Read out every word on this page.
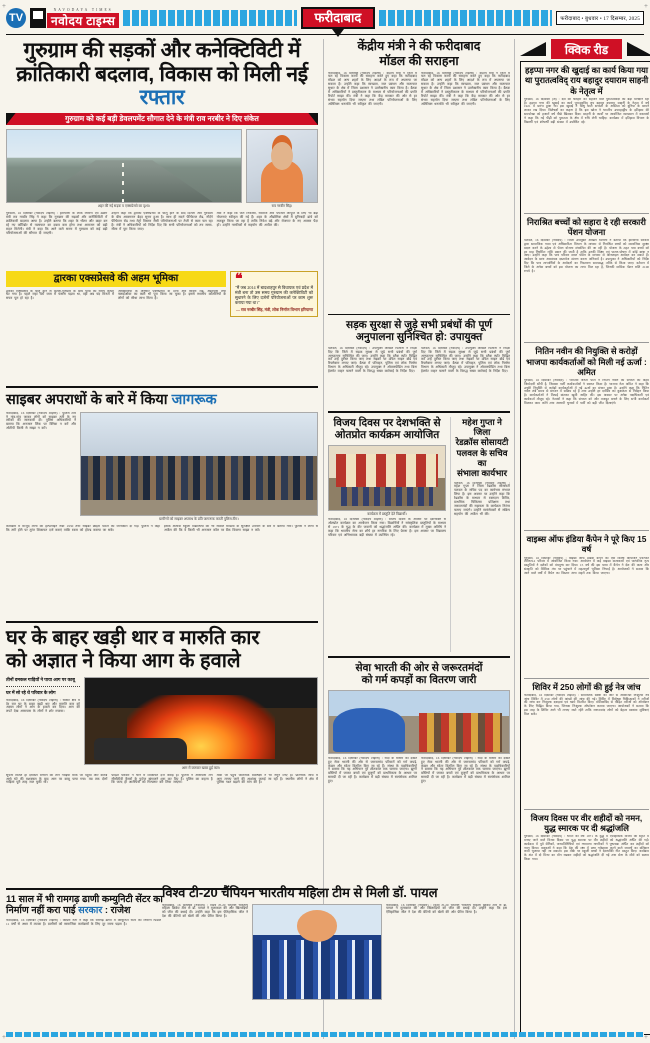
TV
NAVODAYA TIMES
नवोदय टाइम्स	फरीदाबाद	फरीदाबाद • बुधवार • 17 दिसम्बर, 2025
गुरुग्राम की सड़कों और कनेक्टिविटी में
क्रांतिकारी बदलाव, विकास को मिली नई रफ्तार
गुरुग्राम को कई बड़ी डेवलपमेंट सौगात देने के मंत्री राव नरबीर ने दिए संकेत
शहर की नई सड़क व एक्सप्रेसवे का दृश्य।	राव नरबीर सिंह।
गुरुग्राम, 16 दिसम्बर (नवोदय टाइम्स) : हरियाणा के लोक निर्माण एवं उद्योग मंत्री राव नरबीर सिंह ने कहा कि गुरुग्राम की सड़कों और कनेक्टिविटी में क्रांतिकारी बदलाव आया है। उन्होंने बताया कि शहर के भीतर और बाहर बन रहे नए कॉरिडोर से यातायात का दबाव कम होगा तथा आमजन को बड़ी राहत मिलेगी। मंत्री ने कहा कि आने वाले समय में गुरुग्राम को कई बड़ी परियोजनाओं की सौगात दी जाएगी।
उन्होंने कहा कि द्वारका एक्सप्रेसवे के चालू होने के बाद दिल्ली और गुरुग्राम के बीच आवागमन बेहद सुगम हुआ है। साथ ही सदर्न पेरिफेरल रोड, नॉर्दर्न पेरिफेरल रोड तथा मेट्रो विस्तार जैसी परियोजनाओं पर तेजी से काम चल रहा है। मंत्री ने अधिकारियों को निर्देश दिए कि सभी परियोजनाओं को तय समय-सीमा में पूरा किया जाए।
मंत्री ने कहा कि जल निकासी, सीवरेज और पेयजल आपूर्ति के लिए भी बड़ी योजनाएं स्वीकृत की गई हैं। शहर के औद्योगिक क्षेत्रों में बुनियादी ढांचे को मजबूत किया जा रहा है ताकि निवेश बढ़े और रोजगार के नए अवसर पैदा हों। उन्होंने नागरिकों से सहयोग की अपील की।
द्वारका एक्सप्रेसवे की अहम भूमिका
द्वारका एक्सप्रेसवे के चालू होने से दिल्ली-गुरुग्राम के बीच यात्रा का समय काफी घट गया है। पहले जहां घंटों जाम में फंसना पड़ता था, वहीं अब चंद मिनटों में सफर पूरा हो रहा है।
अधिकारियों के अनुसार एक्सप्रेसवे के दोनों ओर सर्विस रोड, अंडरपास तथा फ्लाईओवर का काम भी पूरा किया जा चुका है। इससे स्थानीय कॉलोनियों के लोगों को सीधा लाभ मिला है।
❝
"मैं जब 2014 में बादशाहपुर से विधायक एवं प्रदेश में मंत्री बना तो उस समय गुरुग्राम की कनेक्टिविटी को सुधारने के लिए दर्जनों परियोजनाओं पर काम शुरू कराया गया था।"
— राव नरबीर सिंह, मंत्री, लोक निर्माण विभाग हरियाणा
साइबर अपराधों के बारे में किया जागरूक
फरीदाबाद, 16 दिसम्बर (नवोदय टाइम्स) : पुलिस टीम ने गांव-गांव जाकर लोगों को साइबर ठगी के नए तरीकों की जानकारी दी। पुलिस अधिकारियों ने बताया कि अनजान लिंक पर क्लिक न करें और ओटीपी किसी से साझा न करें।
ग्रामीणों को साइबर अपराध के प्रति जागरूक करती पुलिस टीम।
कार्यक्रम में मौजूद लोगों को हेल्पलाइन नंबर 1930 तथा साइबर क्राइम पोर्टल की जानकारी दी गई। पुलिस ने कहा कि ठगी होने पर तुरंत शिकायत दर्ज कराएं ताकि रकम को होल्ड कराया जा सके।
इसके अलावा स्कूली विद्यार्थियों को भी सोशल मीडिया के सुरक्षित उपयोग के बारे में बताया गया। पुलिस ने लोगों से अपील की कि वे किसी भी अनजान कॉल पर बैंक विवरण साझा न करें।
घर के बाहर खड़ी थार व मारुति कार
को अज्ञात ने किया आग के हवाले
तीनों दमकल गाड़ियों ने पाया आग पर काबू
घर में सो रहे थे परिवार के लोग
फरीदाबाद, 16 दिसम्बर (नवोदय टाइम्स) : सेक्टर क्षेत्र में देर रात घर के बाहर खड़ी थार और मारुति कार को अज्ञात लोगों ने आग के हवाले कर दिया। आग की लपटें देख आसपास के लोगों ने शोर मचाया।
आग में जलकर खाक हुई कार।
सूचना मिलते ही दमकल विभाग की तीन गाड़ियां मौके पर पहुंचीं और करीब आधे घंटे की मशक्कत के बाद आग पर काबू पाया गया। तब तक दोनों गाड़ियां पूरी तरह जल चुकी थीं।
पीड़ित परिवार ने थाने में शिकायत दर्ज कराई है। पुलिस ने आसपास लगे सीसीटीवी कैमरों के फुटेज खंगालने शुरू कर दिए हैं। पुलिस का कहना है कि जल्द ही आरोपियों को गिरफ्तार कर लिया जाएगा।
मौके पर पहुंचे फॉरेंसिक विशेषज्ञों ने भी नमूने लिए हैं। प्रारंभिक जांच में आग लगाए जाने की आशंका जताई जा रही है। स्थानीय लोगों ने क्षेत्र में पुलिस गश्त बढ़ाने की मांग की है।
11 साल में भी रामगढ़ ढाणी कम्युनिटी सेंटर का निर्माण नहीं करा पाई सरकार : राजेश
फरीदाबाद, 16 दिसम्बर (नवोदय टाइम्स) : कांग्रेस नेता ने कहा कि रामगढ़ ढाणी में कम्युनिटी सेंटर का निर्माण पिछले 11 वर्षों से अधर में लटका है। ग्रामीणों को सामाजिक कार्यक्रमों के लिए दूर जाना पड़ता है।
केंद्रीय मंत्री ने की फरीदाबाद
मॉडल की सराहना
फरीदाबाद, 16 दिसम्बर (नवोदय टाइम्स) : केंद्रीय मंत्री ने जिले में चल रहे विकास कार्यों की सराहना करते हुए कहा कि फरीदाबाद मॉडल को अन्य शहरों के लिए आदर्श के रूप में अपनाया जा सकता है। उन्होंने कहा कि स्वच्छता, जल प्रबंधन और यातायात सुधार के क्षेत्र में जिला प्रशासन ने उल्लेखनीय काम किया है। बैठक में अधिकारियों ने प्रस्तुतीकरण के माध्यम से परियोजनाओं की प्रगति रिपोर्ट साझा की। मंत्री ने कहा कि केंद्र सरकार की ओर से हर संभव सहयोग दिया जाएगा तथा लंबित परियोजनाओं के लिए अतिरिक्त धनराशि भी स्वीकृत की जाएगी।
फरीदाबाद, 16 दिसम्बर (नवोदय टाइम्स) : केंद्रीय मंत्री ने जिले में चल रहे विकास कार्यों की सराहना करते हुए कहा कि फरीदाबाद मॉडल को अन्य शहरों के लिए आदर्श के रूप में अपनाया जा सकता है। उन्होंने कहा कि स्वच्छता, जल प्रबंधन और यातायात सुधार के क्षेत्र में जिला प्रशासन ने उल्लेखनीय काम किया है। बैठक में अधिकारियों ने प्रस्तुतीकरण के माध्यम से परियोजनाओं की प्रगति रिपोर्ट साझा की। मंत्री ने कहा कि केंद्र सरकार की ओर से हर संभव सहयोग दिया जाएगा तथा लंबित परियोजनाओं के लिए अतिरिक्त धनराशि भी स्वीकृत की जाएगी।
सड़क सुरक्षा से जुड़े सभी प्रबंधों की पूर्ण
अनुपालना सुनिश्चित हो: उपायुक्त
पलवल, 16 दिसम्बर (नवोदय) : उपायुक्त अखिल पिलानी ने निर्देश दिए कि जिले में सड़क सुरक्षा से जुड़े सभी प्रबंधों की पूर्ण अनुपालना सुनिश्चित की जाए। उन्होंने कहा कि ब्लैक स्पॉट चिह्नित कर उन्हें दुरुस्त किया जाए तथा सड़कों पर उचित साइन बोर्ड एवं रिफ्लेक्टर लगाए जाएं। बैठक में परिवहन, पुलिस एवं लोक निर्माण विभाग के अधिकारी मौजूद रहे। उपायुक्त ने ओवरस्पीडिंग तथा बिना हेलमेट वाहन चलाने वालों के विरुद्ध सख्त कार्रवाई के निर्देश दिए।
पलवल, 16 दिसम्बर (नवोदय) : उपायुक्त अखिल पिलानी ने निर्देश दिए कि जिले में सड़क सुरक्षा से जुड़े सभी प्रबंधों की पूर्ण अनुपालना सुनिश्चित की जाए। उन्होंने कहा कि ब्लैक स्पॉट चिह्नित कर उन्हें दुरुस्त किया जाए तथा सड़कों पर उचित साइन बोर्ड एवं रिफ्लेक्टर लगाए जाएं। बैठक में परिवहन, पुलिस एवं लोक निर्माण विभाग के अधिकारी मौजूद रहे। उपायुक्त ने ओवरस्पीडिंग तथा बिना हेलमेट वाहन चलाने वालों के विरुद्ध सख्त कार्रवाई के निर्देश दिए।
विजय दिवस पर देशभक्ति से
ओतप्रोत कार्यक्रम आयोजित
कार्यक्रम में प्रस्तुति देते विद्यार्थी।
फरीदाबाद, 16 दिसम्बर (नवोदय टाइम्स) : विजय दिवस के अवसर पर देशभक्ति से ओतप्रोत कार्यक्रम का आयोजन किया गया। विद्यार्थियों ने सांस्कृतिक प्रस्तुतियों के माध्यम से 1971 के युद्ध के वीर जवानों को श्रद्धांजलि अर्पित की। कार्यक्रम में मुख्य अतिथि ने कहा कि भारतीय सेना का शौर्य हर नागरिक के लिए प्रेरणा है। इस अवसर पर विद्यालय परिवार एवं अभिभावक बड़ी संख्या में उपस्थित रहे।
महेश गुप्ता ने जिला
रेडक्रॉस सोसायटी
पलवल के सचिव का
संभाला कार्यभार
पलवल, 16 दिसम्बर (नवोदय टाइम्स) : महेश गुप्ता ने जिला रेडक्रॉस सोसायटी पलवल के सचिव पद का कार्यभार संभाल लिया है। इस अवसर पर उन्होंने कहा कि रेडक्रॉस के माध्यम से रक्तदान शिविर, प्राथमिक चिकित्सा प्रशिक्षण तथा जरूरतमंदों की सहायता के कार्यक्रम निरंतर चलाए जाएंगे। उन्होंने स्वयंसेवकों से सक्रिय सहयोग की अपील भी की।
सेवा भारती की ओर से जरूरतमंदों
को गर्म कपड़ों का वितरण जारी
फरीदाबाद, 16 दिसम्बर (नवोदय टाइम्स) : सर्दी के मौसम को देखते हुए सेवा भारती की ओर से जरूरतमंद परिवारों को गर्म कपड़े, कंबल और स्वेटर वितरित किए जा रहे हैं। संस्था के पदाधिकारियों ने बताया कि यह अभियान पूरे शीतकाल तक चलाया जाएगा। झुग्गी बस्तियों में जाकर बच्चों एवं बुजुर्गों को प्राथमिकता के आधार पर सामग्री दी जा रही है। कार्यक्रम में बड़ी संख्या में स्वयंसेवक शामिल हुए।
फरीदाबाद, 16 दिसम्बर (नवोदय टाइम्स) : सर्दी के मौसम को देखते हुए सेवा भारती की ओर से जरूरतमंद परिवारों को गर्म कपड़े, कंबल और स्वेटर वितरित किए जा रहे हैं। संस्था के पदाधिकारियों ने बताया कि यह अभियान पूरे शीतकाल तक चलाया जाएगा। झुग्गी बस्तियों में जाकर बच्चों एवं बुजुर्गों को प्राथमिकता के आधार पर सामग्री दी जा रही है। कार्यक्रम में बड़ी संख्या में स्वयंसेवक शामिल हुए।
क्विक रीड
हड़प्पा नगर की खुदाई का कार्य किया गया था पुरातत्वविद् राय बहादुर दयाराम साहनी के नेतृत्व में
गुरुग्राम, 16 दिसम्बर (अ) : देश की धरोहरों को सहेजने वाले पुरातत्वविदों का बड़ा योगदान रहा है। हड़प्पा नगर की खुदाई का कार्य पुरातत्वविद् राय बहादुर दयाराम साहनी के नेतृत्व में वर्ष 1921 में प्रारंभ हुआ था। इस खुदाई ने सिंधु घाटी सभ्यता के अस्तित्व को दुनिया के सामने लाकर रख दिया। विशेषज्ञों का कहना है कि इस खोज ने भारतीय उपमहाद्वीप के इतिहास की समयरेखा को हजारों वर्ष पीछे खिसका दिया। साहनी के कार्यों पर आयोजित व्याख्यान में वक्ताओं ने कहा कि नई पीढ़ी को पुरातत्व के क्षेत्र में रुचि लेनी चाहिए। कार्यक्रम में इतिहास विभाग के विद्यार्थी एवं शोधार्थी बड़ी संख्या में उपस्थित रहे।
निराश्रित बच्चों को सहारा दे रही सरकारी पेंशन योजना
पलवल, 16 दिसम्बर (नवोदय) : जिला उपायुक्त अखिल पिलानी ने बताया कि हरियाणा सरकार द्वारा सामाजिक न्याय एवं अधिकारिता विभाग के माध्यम से निराश्रित बच्चों को सामाजिक सुरक्षा प्रदान करने के उद्देश्य से पेंशन योजना संचालित की जा रही है। योजना के तहत पात्र बच्चों को हर माह निर्धारित राशि प्रदान की जाती है ताकि उनकी शिक्षा एवं पालन-पोषण में कोई बाधा न आए। उन्होंने कहा कि पात्र परिवार सरल पोर्टल के माध्यम से ऑनलाइन आवेदन कर सकते हैं। आवेदन के साथ आवश्यक दस्तावेज संलग्न करना अनिवार्य है। उपायुक्त ने अधिकारियों को निर्देश दिए कि पात्र लाभार्थियों के आवेदनों का निस्तारण समयबद्ध तरीके से किया जाए। वर्तमान में जिले के अनेक बच्चों को इस योजना का लाभ मिल रहा है, जिनकी मासिक पेंशन राशि 2100 रुपये है।
नितिन नवीन की नियुक्ति से करोड़ों भाजपा कार्यकर्ताओं को मिली नई ऊर्जा : अमित
गुरुग्राम, 16 दिसम्बर (नवोदय) : भारतीय जनता पार्टी ने नितिन नवीन को संगठन की अहम जिम्मेदारी सौंपी है, जिसका पार्टी कार्यकर्ताओं ने स्वागत किया है। भाजपा नेता अमित ने कहा कि उनकी नियुक्ति से करोड़ों कार्यकर्ताओं में नई ऊर्जा का संचार हुआ है। उन्होंने कहा कि नितिन नवीन लंबे समय से संगठन में सक्रिय रहे हैं तथा उन्होंने हर दायित्व का कुशलता से निर्वहन किया है। कार्यकर्ताओं ने मिठाई बांटकर खुशी जाहिर की। इस अवसर पर अनेक पदाधिकारी एवं कार्यकर्ता मौजूद रहे। नेताओं ने कहा कि संगठन को और मजबूत बनाने के लिए सभी कार्यकर्ता मिलकर काम करेंगे तथा आगामी चुनावों में पार्टी को बड़ी जीत दिलाएंगे।
वाइब्स ऑफ इंडिया कैंपेन ने पूरे किए 15 वर्ष
गुरुग्राम, 16 दिसम्बर (नवोदय) : वाइब्स ऑफ इंडिया कैंपेन का एक विशेष आयोजन एयरपोर्ट टर्मिनल-2 परिसर में आयोजित किया गया। आयोजन में कई वाइब्स कलाकारों एवं पारंपरिक नृत्य प्रस्तुतियों ने दर्शकों को मंत्रमुग्ध कर दिया। 15 वर्ष की इस यात्रा में कैंपेन ने देश की कला और संस्कृति को वैश्विक मंच पर पहुंचाने में महत्वपूर्ण भूमिका निभाई है। आयोजकों ने बताया कि आने वाले वर्षों में कैंपेन का विस्तार अन्य शहरों तक किया जाएगा।
शिविर में 250 लोगों की हुई नेत्र जांच
फरीदाबाद, 16 दिसम्बर (नवोदय टाइम्स) : सामाजिक संस्था की ओर से आयोजित निःशुल्क नेत्र जांच शिविर में 250 लोगों की आंखों की जांच की गई। शिविर में विशेषज्ञ चिकित्सकों ने मरीजों की जांच कर निःशुल्क दवाइयां एवं चश्मे वितरित किए। मोतियाबिंद से पीड़ित मरीजों को ऑपरेशन के लिए चिह्नित किया गया, जिनका निःशुल्क ऑपरेशन कराया जाएगा। आयोजकों ने बताया कि इस तरह के शिविर आगे भी लगाए जाते रहेंगे ताकि जरूरतमंद लोगों को बेहतर स्वास्थ्य सुविधाएं मिल सकें।
विजय दिवस पर वीर शहीदों को नमन, युद्ध स्मारक पर दी श्रद्धांजलि
गुरुग्राम, 16 दिसम्बर (नवोदय) : भारत की वर्ष 1971 के युद्ध में ऐतिहासिक विजय की स्मृति में मनाए जाने वाले विजय दिवस पर युद्ध स्मारक पर वीर शहीदों को श्रद्धांजलि अर्पित की गई। कार्यक्रम में पूर्व सैनिकों, जनप्रतिनिधियों एवं गणमान्य नागरिकों ने पुष्पचक्र अर्पित कर शहीदों को नमन किया। वक्ताओं ने कहा कि देश की रक्षा में प्राण न्योछावर करने वाले जवानों का बलिदान कभी भुलाया नहीं जा सकता। इस मौके पर स्कूली बच्चों ने देशभक्ति गीत प्रस्तुत किए। कार्यक्रम के अंत में दो मिनट का मौन रखकर शहीदों को श्रद्धांजलि दी गई तथा सेना के शौर्य को सलाम किया गया।
विश्व टी-20 चैंपियन भारतीय महिला टीम से मिली डॉ. पायल
फरीदाबाद, 16 दिसम्बर (नवोदय) : विश्व टी-20 चैंपियन भारतीय महिला क्रिकेट टीम से डॉ. पायल ने मुलाकात की और खिलाड़ियों को जीत की बधाई दी। उन्होंने कहा कि इस ऐतिहासिक जीत ने देश की बेटियों को खेलों की ओर प्रेरित किया है।
फरीदाबाद, 16 दिसम्बर (नवोदय) : विश्व टी-20 चैंपियन भारतीय महिला क्रिकेट टीम से डॉ. पायल ने मुलाकात की और खिलाड़ियों को जीत की बधाई दी। उन्होंने कहा कि इस ऐतिहासिक जीत ने देश की बेटियों को खेलों की ओर प्रेरित किया है।
+	+
+	+
